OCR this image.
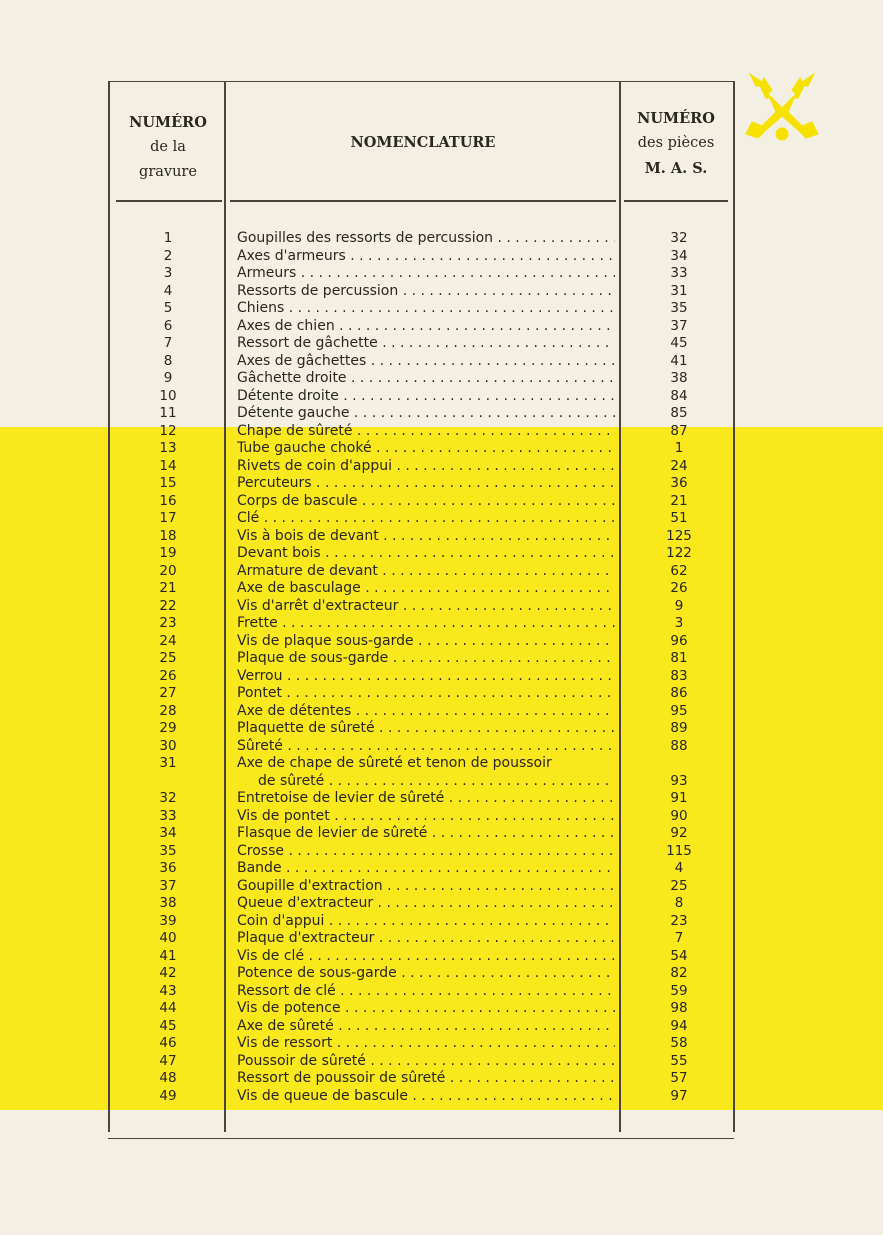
NUMÉRO
de la
gravure
NOMENCLATURE
NUMÉRO
des pièces
M. A. S.
1	Goupilles des ressorts de percussion . . .	32
2	Axes d'armeurs . . .	34
3	Armeurs . . .	33
4	Ressorts de percussion . . .	31
5	Chiens . . .	35
6	Axes de chien . . .	37
7	Ressort de gâchette . . .	45
8	Axes de gâchettes . . .	41
9	Gâchette droite . . .	38
10	Détente droite . . .	84
11	Détente gauche . . .	85
12	Chape de sûreté . . .	87
13	Tube gauche choké . . .	1
14	Rivets de coin d'appui . . .	24
15	Percuteurs . . .	36
16	Corps de bascule . . .	21
17	Clé . . .	51
18	Vis à bois de devant . . .	125
19	Devant bois . . .	122
20	Armature de devant . . .	62
21	Axe de basculage . . .	26
22	Vis d'arrêt d'extracteur . . .	9
23	Frette . . .	3
24	Vis de plaque sous-garde . . .	96
25	Plaque de sous-garde . . .	81
26	Verrou . . .	83
27	Pontet . . .	86
28	Axe de détentes . . .	95
29	Plaquette de sûreté . . .	89
30	Sûreté . . .	88
31	Axe de chape de sûreté et tenon de poussoir
de sûreté . . .	93
32	Entretoise de levier de sûreté . . .	91
33	Vis de pontet . . .	90
34	Flasque de levier de sûreté . . .	92
35	Crosse . . .	115
36	Bande . . .	4
37	Goupille d'extraction . . .	25
38	Queue d'extracteur . . .	8
39	Coin d'appui . . .	23
40	Plaque d'extracteur . . .	7
41	Vis de clé . . .	54
42	Potence de sous-garde . . .	82
43	Ressort de clé . . .	59
44	Vis de potence . . .	98
45	Axe de sûreté . . .	94
46	Vis de ressort . . .	58
47	Poussoir de sûreté . . .	55
48	Ressort de poussoir de sûreté . . .	57
49	Vis de queue de bascule . . .	97
